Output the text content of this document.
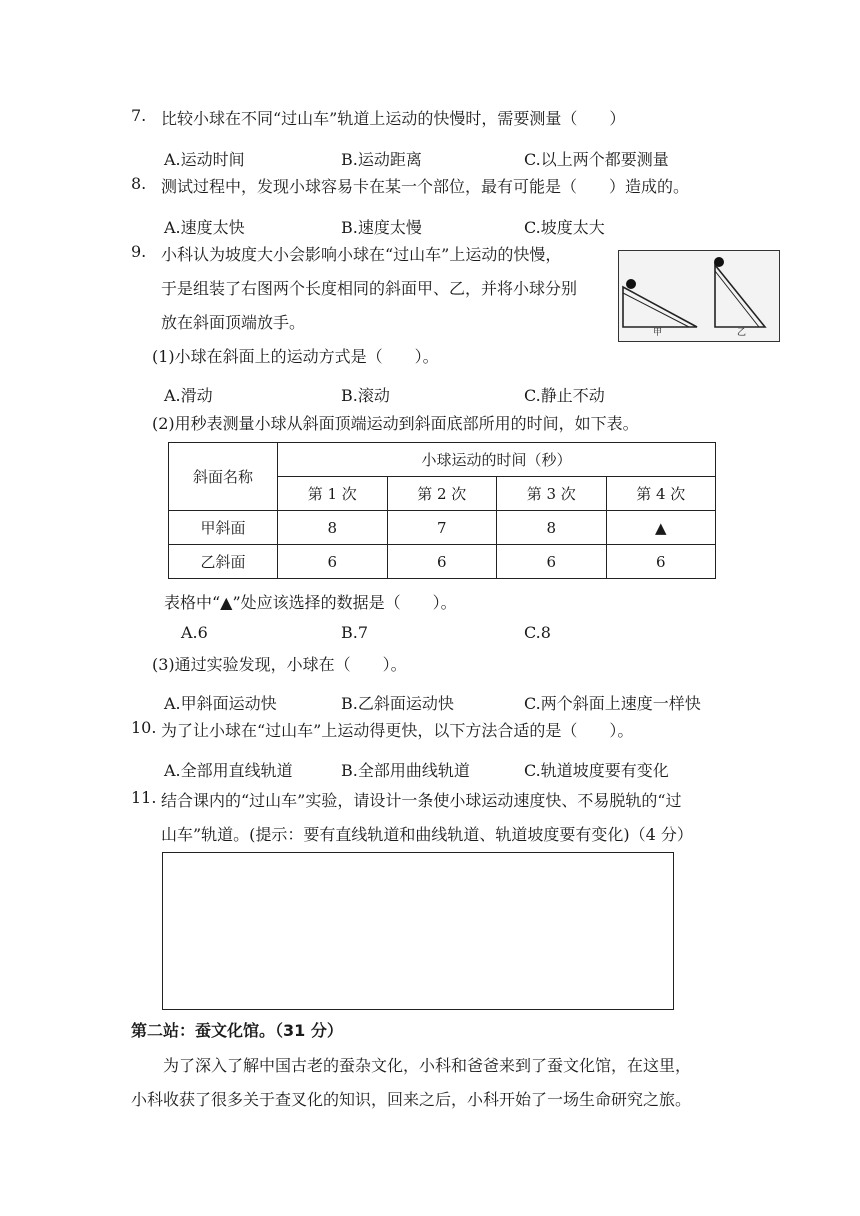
7. 比较小球在不同“过山车”轨道上运动的快慢时，需要测量（　　）
A.运动时间	B.运动距离	C.以上两个都要测量
8. 测试过程中，发现小球容易卡在某一个部位，最有可能是（　　）造成的。
A.速度太快	B.速度太慢	C.坡度太大
9. 小科认为坡度大小会影响小球在“过山车”上运动的快慢，
于是组装了右图两个长度相同的斜面甲、乙，并将小球分别
放在斜面顶端放手。
甲	乙
(1)小球在斜面上的运动方式是（　　）。
A.滑动	B.滚动	C.静止不动
(2)用秒表测量小球从斜面顶端运动到斜面底部所用的时间，如下表。
斜面名称	小球运动的时间（秒）			
	第 1 次	第 2 次	第 3 次	第 4 次
甲斜面	8	7	8	▲
乙斜面	6	6	6	6
表格中“▲”处应该选择的数据是（　　）。
A.6	B.7	C.8
(3)通过实验发现，小球在（　　）。
A.甲斜面运动快	B.乙斜面运动快	C.两个斜面上速度一样快
10. 为了让小球在“过山车”上运动得更快，以下方法合适的是（　　）。
A.全部用直线轨道	B.全部用曲线轨道	C.轨道坡度要有变化
11. 结合课内的“过山车”实验，请设计一条使小球运动速度快、不易脱轨的“过
山车”轨道。(提示：要有直线轨道和曲线轨道、轨道坡度要有变化)（4 分）
第二站：蚕文化馆。（31 分）
为了深入了解中国古老的蚕杂文化，小科和爸爸来到了蚕文化馆，在这里，
小科收获了很多关于查叉化的知识，回来之后，小科开始了一场生命研究之旅。
